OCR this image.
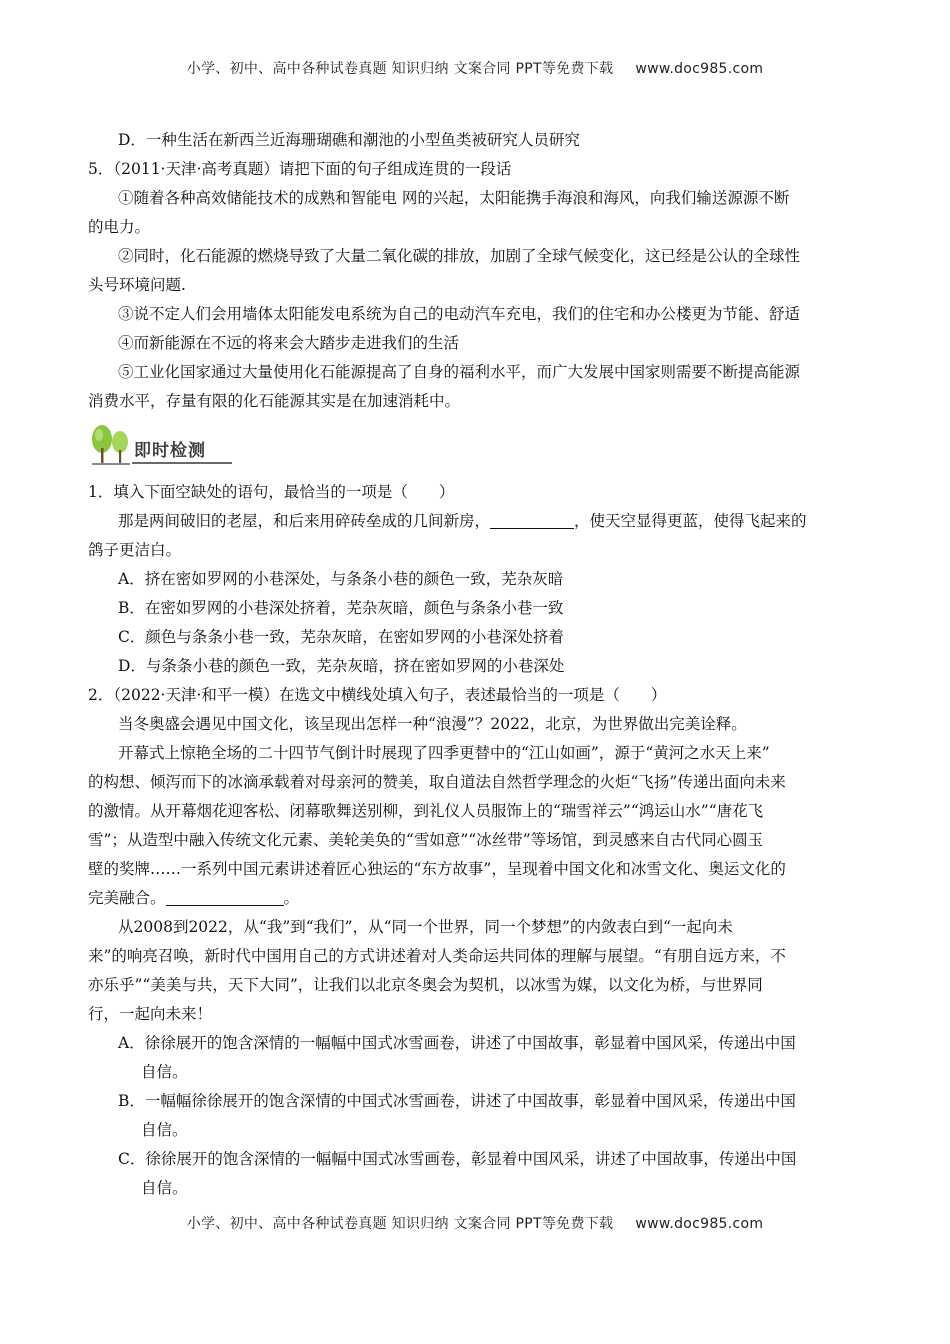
小学、初中、高中各种试卷真题 知识归纳 文案合同 PPT等免费下载 www.doc985.com
D．一种生活在新西兰近海珊瑚礁和潮池的小型鱼类被研究人员研究
5．（2011·天津·高考真题）请把下面的句子组成连贯的一段话
①随着各种高效储能技术的成熟和智能电 网的兴起，太阳能携手海浪和海风，向我们输送源源不断
的电力。
②同时，化石能源的燃烧导致了大量二氧化碳的排放，加剧了全球气候变化，这已经是公认的全球性
头号环境问题.
③说不定人们会用墙体太阳能发电系统为自己的电动汽车充电，我们的住宅和办公楼更为节能、舒适
④而新能源在不远的将来会大踏步走进我们的生活
⑤工业化国家通过大量使用化石能源提高了自身的福利水平，而广大发展中国家则需要不断提高能源
消费水平，存量有限的化石能源其实是在加速消耗中。
即时检测
1．填入下面空缺处的语句，最恰当的一项是（　　）
那是两间破旧的老屋，和后来用碎砖垒成的几间新房，	，使天空显得更蓝，使得飞起来的
鸽子更洁白。
A．挤在密如罗网的小巷深处，与条条小巷的颜色一致，芜杂灰暗
B．在密如罗网的小巷深处挤着，芜杂灰暗，颜色与条条小巷一致
C．颜色与条条小巷一致，芜杂灰暗，在密如罗网的小巷深处挤着
D．与条条小巷的颜色一致，芜杂灰暗，挤在密如罗网的小巷深处
2．（2022·天津·和平一模）在选文中横线处填入句子，表述最恰当的一项是（　　）
当冬奥盛会遇见中国文化，该呈现出怎样一种“浪漫”？2022，北京，为世界做出完美诠释。
开幕式上惊艳全场的二十四节气倒计时展现了四季更替中的“江山如画”，源于“黄河之水天上来”
的构想、倾泻而下的冰滴承载着对母亲河的赞美，取自道法自然哲学理念的火炬“飞扬”传递出面向未来
的激情。从开幕烟花迎客松、闭幕歌舞送别柳，到礼仪人员服饰上的“瑞雪祥云”“鸿运山水”“唐花飞
雪”；从造型中融入传统文化元素、美轮美奂的“雪如意”“冰丝带”等场馆，到灵感来自古代同心圆玉
壁的奖牌……一系列中国元素讲述着匠心独运的“东方故事”，呈现着中国文化和冰雪文化、奥运文化的
完美融合。	。
从2008到2022，从“我”到“我们”，从“同一个世界，同一个梦想”的内敛表白到“一起向未
来”的响亮召唤，新时代中国用自己的方式讲述着对人类命运共同体的理解与展望。“有朋自远方来，不
亦乐乎”“美美与共，天下大同”，让我们以北京冬奥会为契机，以冰雪为媒，以文化为桥，与世界同
行，一起向未来！
A．徐徐展开的饱含深情的一幅幅中国式冰雪画卷，讲述了中国故事，彰显着中国风采，传递出中国
自信。
B．一幅幅徐徐展开的饱含深情的中国式冰雪画卷，讲述了中国故事，彰显着中国风采，传递出中国
自信。
C．徐徐展开的饱含深情的一幅幅中国式冰雪画卷，彰显着中国风采，讲述了中国故事，传递出中国
自信。
小学、初中、高中各种试卷真题 知识归纳 文案合同 PPT等免费下载 www.doc985.com
